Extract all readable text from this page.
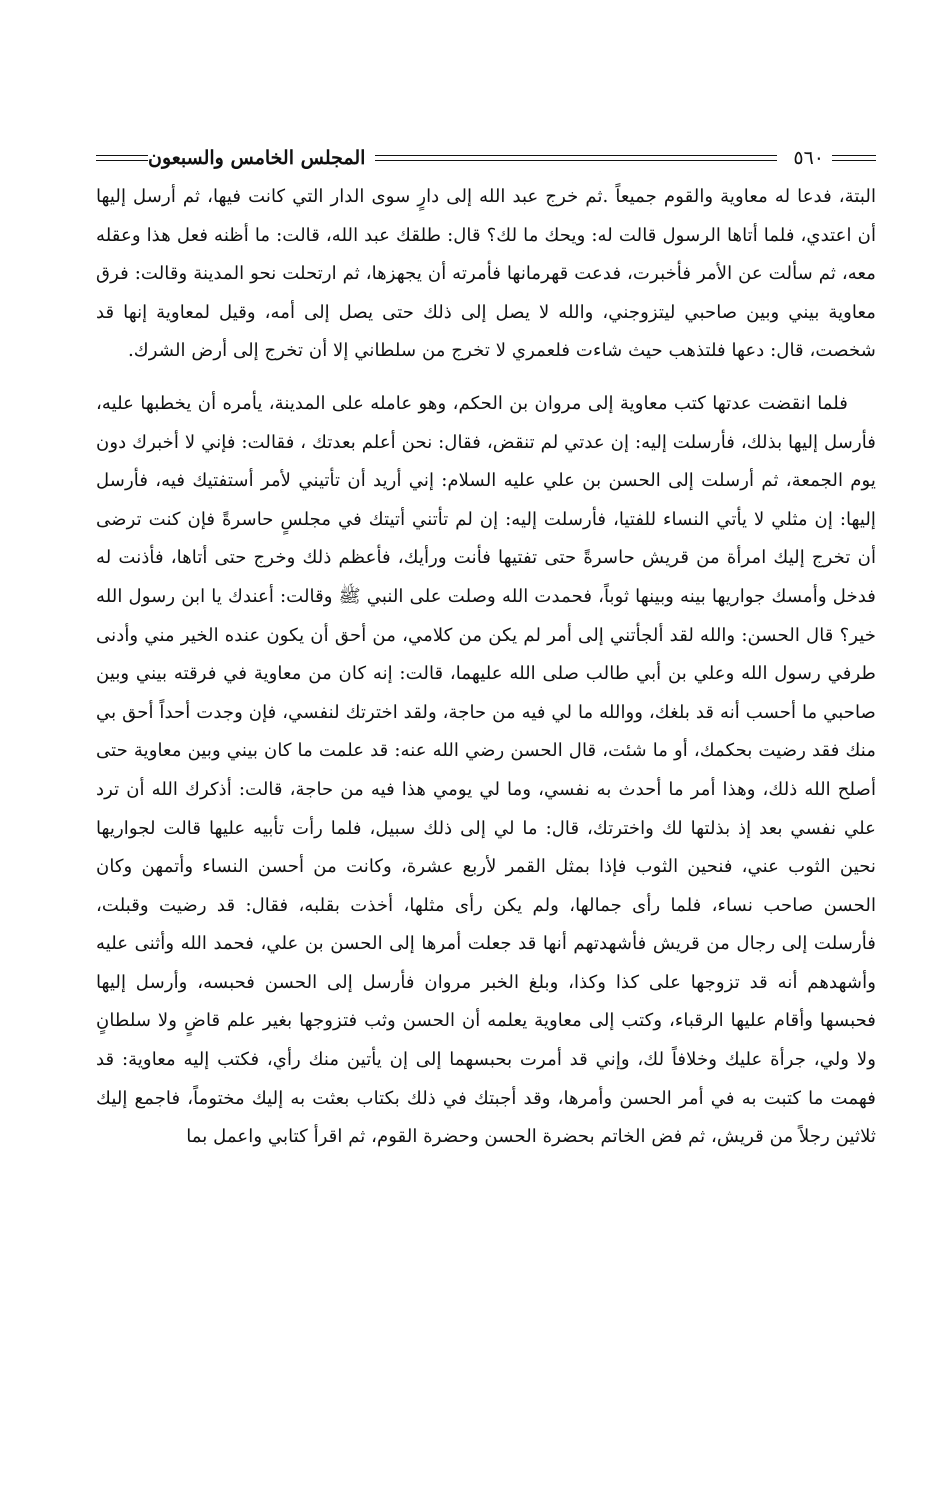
٥٦٠
المجلس الخامس والسبعون

البتة، فدعا له معاوية والقوم جميعاً .ثم خرج عبد الله إلى دارٍ سوى الدار التي كانت فيها، ثم أرسل إليها أن اعتدي، فلما أتاها الرسول قالت له: ويحك ما لك؟ قال: طلقك عبد الله، قالت: ما أظنه فعل هذا وعقله معه، ثم سألت عن الأمر فأخبرت، فدعت قهرمانها فأمرته أن يجهزها، ثم ارتحلت نحو المدينة وقالت: فرق معاوية بيني وبين صاحبي ليتزوجني، والله لا يصل إلى ذلك حتى يصل إلى أمه، وقيل لمعاوية إنها قد شخصت، قال: دعها فلتذهب حيث شاءت فلعمري لا تخرج من سلطاني إلا أن تخرج إلى أرض الشرك.

فلما انقضت عدتها كتب معاوية إلى مروان بن الحكم، وهو عامله على المدينة، يأمره أن يخطبها عليه، فأرسل إليها بذلك، فأرسلت إليه: إن عدتي لم تنقض، فقال: نحن أعلم بعدتك ، فقالت: فإني لا أخبرك دون يوم الجمعة، ثم أرسلت إلى الحسن بن علي عليه السلام: إني أريد أن تأتيني لأمر أستفتيك فيه، فأرسل إليها: إن مثلي لا يأتي النساء للفتيا، فأرسلت إليه: إن لم تأتني أتيتك في مجلسٍ حاسرةً فإن كنت ترضى أن تخرج إليك امرأة من قريش حاسرةً حتى تفتيها فأنت ورأيك، فأعظم ذلك وخرج حتى أتاها، فأذنت له فدخل وأمسك جواريها بينه وبينها ثوباً، فحمدت الله وصلت على النبي ﷺ وقالت: أعندك يا ابن رسول الله خير؟ قال الحسن: والله لقد ألجأتني إلى أمر لم يكن من كلامي، من أحق أن يكون عنده الخير مني وأدنى طرفي رسول الله وعلي بن أبي طالب صلى الله عليهما، قالت: إنه كان من معاوية في فرقته بيني وبين صاحبي ما أحسب أنه قد بلغك، ووالله ما لي فيه من حاجة، ولقد اخترتك لنفسي، فإن وجدت أحداً أحق بي منك فقد رضيت بحكمك، أو ما شئت، قال الحسن رضي الله عنه: قد علمت ما كان بيني وبين معاوية حتى أصلح الله ذلك، وهذا أمر ما أحدث به نفسي، وما لي يومي هذا فيه من حاجة، قالت: أذكرك الله أن ترد علي نفسي بعد إذ بذلتها لك واخترتك، قال: ما لي إلى ذلك سبيل، فلما رأت تأبيه عليها قالت لجواريها نحين الثوب عني، فنحين الثوب فإذا بمثل القمر لأربع عشرة، وكانت من أحسن النساء وأتمهن وكان الحسن صاحب نساء، فلما رأى جمالها، ولم يكن رأى مثلها، أخذت بقلبه، فقال: قد رضيت وقبلت، فأرسلت إلى رجال من قريش فأشهدتهم أنها قد جعلت أمرها إلى الحسن بن علي، فحمد الله وأثنى عليه وأشهدهم أنه قد تزوجها على كذا وكذا، وبلغ الخبر مروان فأرسل إلى الحسن فحبسه، وأرسل إليها فحبسها وأقام عليها الرقباء، وكتب إلى معاوية يعلمه أن الحسن وثب فتزوجها بغير علم قاضٍ ولا سلطانٍ ولا ولي، جرأة عليك وخلافاً لك، وإني قد أمرت بحبسهما إلى إن يأتين منك رأي، فكتب إليه معاوية: قد فهمت ما كتبت به في أمر الحسن وأمرها، وقد أجبتك في ذلك بكتاب بعثت به إليك مختوماً، فاجمع إليك ثلاثين رجلاً من قريش، ثم فض الخاتم بحضرة الحسن وحضرة القوم، ثم اقرأ كتابي واعمل بما
